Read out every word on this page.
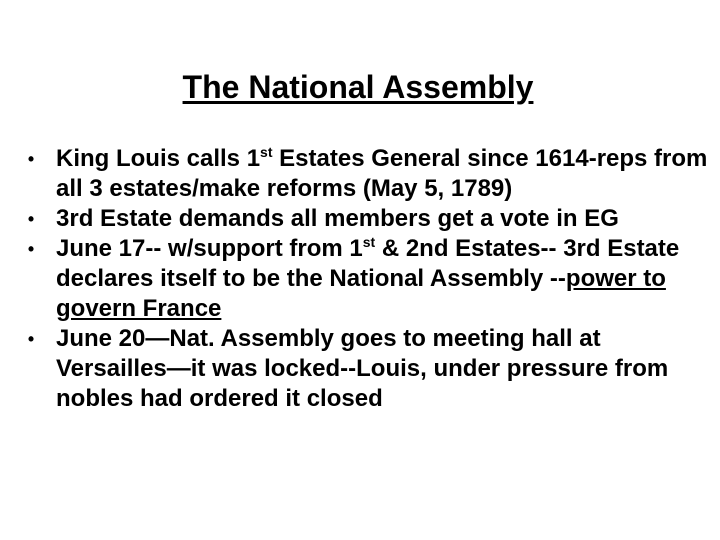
The National Assembly
• King Louis calls 1st Estates General since 1614-reps from all 3 estates/make reforms (May 5, 1789)
• 3rd Estate demands all members get a vote in EG
• June 17-- w/support from 1st & 2nd Estates-- 3rd Estate declares itself to be the National Assembly --power to govern France
• June 20—Nat. Assembly goes to meeting hall at Versailles—it was locked--Louis, under pressure from nobles had ordered it closed
